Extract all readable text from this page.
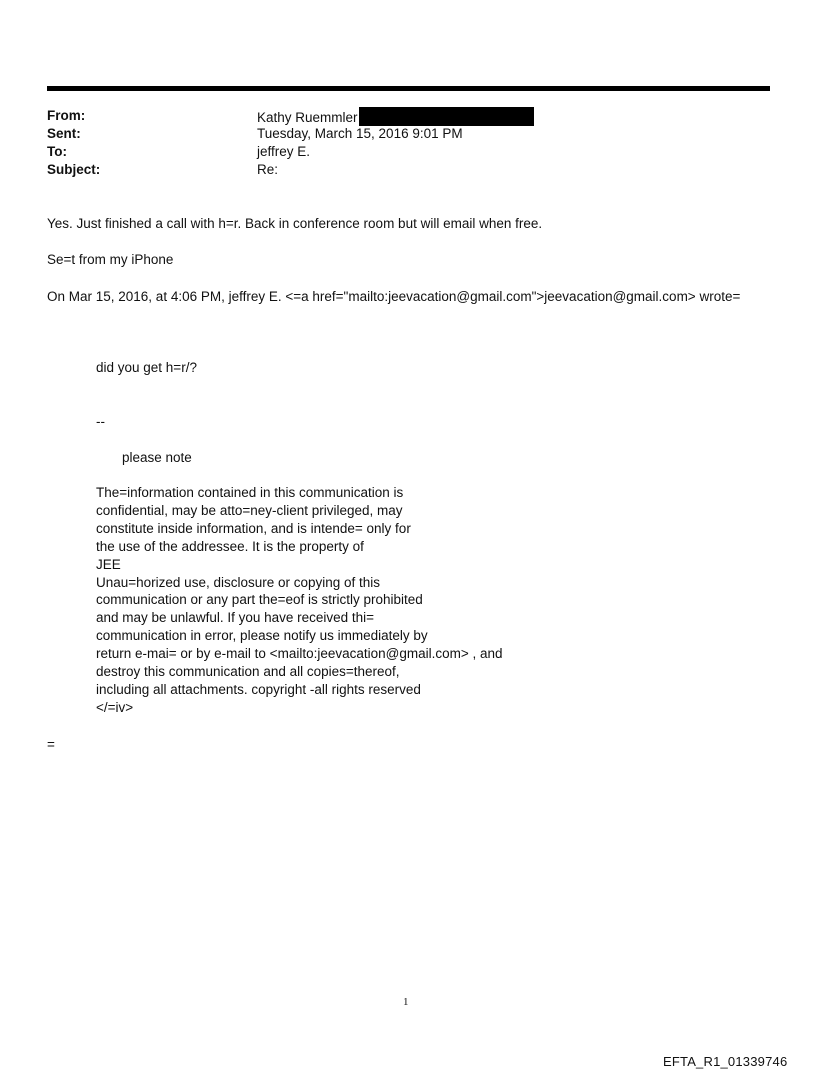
From:	Kathy Ruemmler
Sent:	Tuesday, March 15, 2016 9:01 PM
To:	jeffrey E.
Subject:	Re:
Yes. Just finished a call with h=r. Back in conference room but will email when free.
Se=t from my iPhone
On Mar 15, 2016, at 4:06 PM, jeffrey E. <=a href="mailto:jeevacation@gmail.com">jeevacation@gmail.com> wrote=
did you get h=r/?
--
please note
The=information contained in this communication is
confidential, may be atto=ney-client privileged, may
constitute inside information, and is intende= only for
the use of the addressee. It is the property of
JEE
Unau=horized use, disclosure or copying of this
communication or any part the=eof is strictly prohibited
and may be unlawful. If you have received thi=
communication in error, please notify us immediately by
return e-mai= or by e-mail to <mailto:jeevacation@gmail.com> , and
destroy this communication and all copies=thereof,
including all attachments. copyright -all rights reserved
</=iv>
=
1
EFTA_R1_01339746
